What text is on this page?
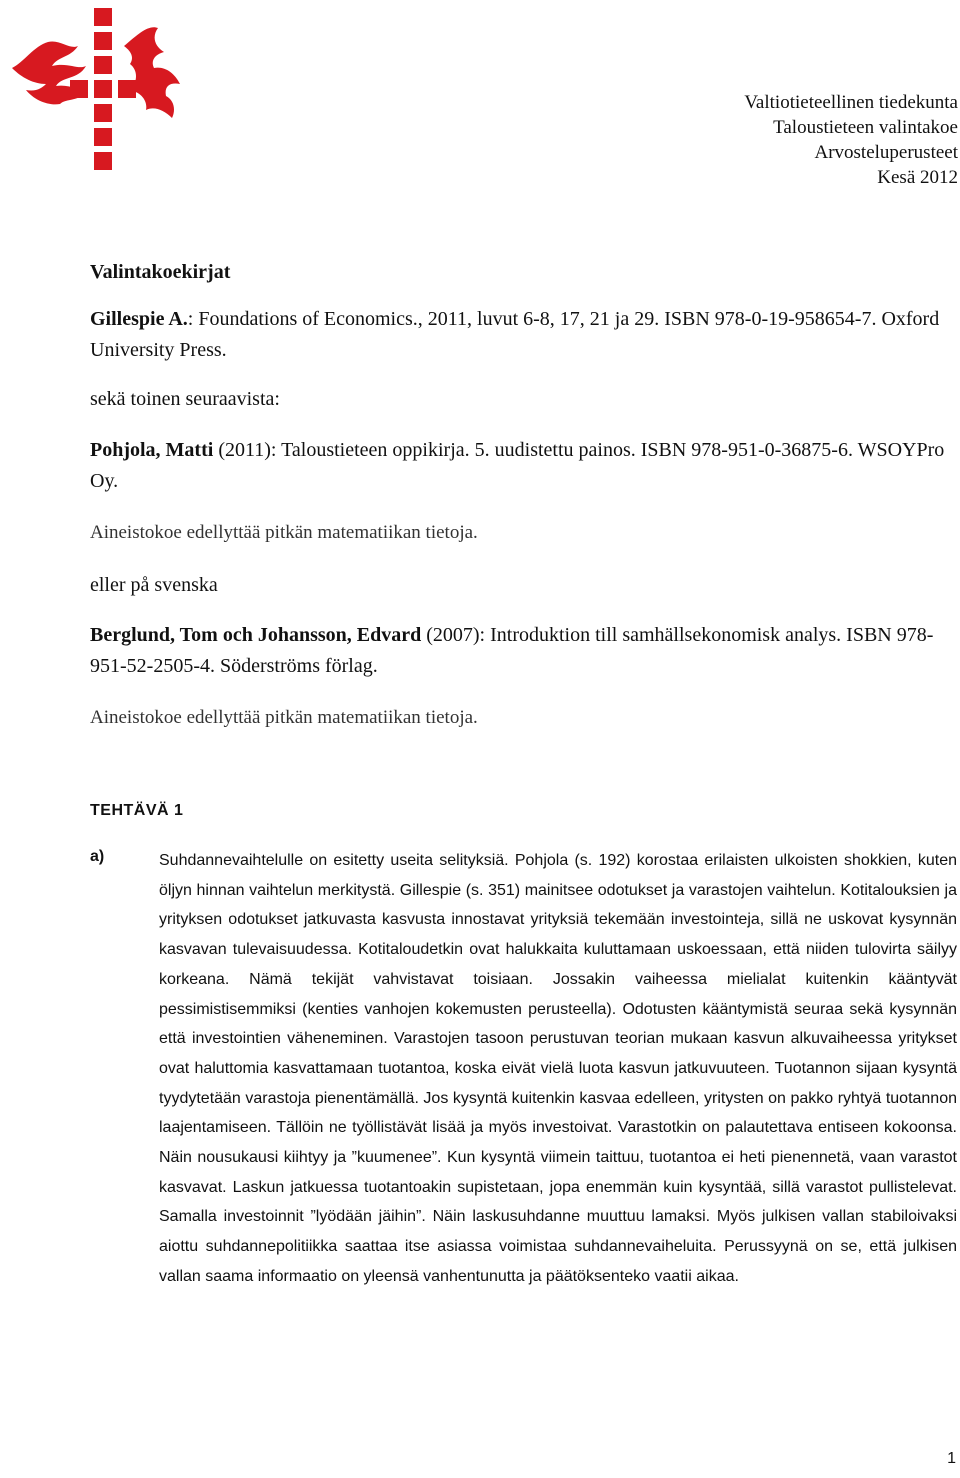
Valtiotieteellinen tiedekunta
Taloustieteen valintakoe
Arvosteluperusteet
Kesä 2012
Valintakoekirjat
Gillespie A.: Foundations of Economics., 2011, luvut 6-8, 17, 21 ja 29. ISBN 978-0-19-958654-7. Oxford University Press.
sekä toinen seuraavista:
Pohjola, Matti (2011): Taloustieteen oppikirja. 5. uudistettu painos. ISBN 978-951-0-36875-6. WSOYPro Oy.
Aineistokoe edellyttää pitkän matematiikan tietoja.
eller på svenska
Berglund, Tom och Johansson, Edvard (2007): Introduktion till samhällsekonomisk analys. ISBN 978-951-52-2505-4. Söderströms förlag.
Aineistokoe edellyttää pitkän matematiikan tietoja.
TEHTÄVÄ 1
a)	Suhdannevaihtelulle on esitetty useita selityksiä. Pohjola (s. 192) korostaa erilaisten ulkoisten shokkien, kuten öljyn hinnan vaihtelun merkitystä. Gillespie (s. 351) mainitsee odotukset ja varastojen vaihtelun. Kotitalouksien ja yrityksen odotukset jatkuvasta kasvusta innostavat yrityksiä tekemään investointeja, sillä ne uskovat kysynnän kasvavan tulevaisuudessa. Kotitaloudetkin ovat halukkaita kuluttamaan uskoessaan, että niiden tulovirta säilyy korkeana. Nämä tekijät vahvistavat toisiaan. Jossakin vaiheessa mielialat kuitenkin kääntyvät pessimistisemmiksi (kenties vanhojen kokemusten perusteella). Odotusten kääntymistä seuraa sekä kysynnän että investointien väheneminen. Varastojen tasoon perustuvan teorian mukaan kasvun alkuvaiheessa yritykset ovat haluttomia kasvattamaan tuotantoa, koska eivät vielä luota kasvun jatkuvuuteen. Tuotannon sijaan kysyntä tyydytetään varastoja pienentämällä. Jos kysyntä kuitenkin kasvaa edelleen, yritysten on pakko ryhtyä tuotannon laajentamiseen. Tällöin ne työllistävät lisää ja myös investoivat. Varastotkin on palautettava entiseen kokoonsa. Näin nousukausi kiihtyy ja ”kuumenee”. Kun kysyntä viimein taittuu, tuotantoa ei heti pienennetä, vaan varastot kasvavat. Laskun jatkuessa tuotantoakin supistetaan, jopa enemmän kuin kysyntää, sillä varastot pullistelevat. Samalla investoinnit ”lyödään jäihin”. Näin laskusuhdanne muuttuu lamaksi. Myös julkisen vallan stabiloivaksi aiottu suhdannepolitiikka saattaa itse asiassa voimistaa suhdannevaiheluita. Perussyynä on se, että julkisen vallan saama informaatio on yleensä vanhentunutta ja päätöksenteko vaatii aikaa.
1
